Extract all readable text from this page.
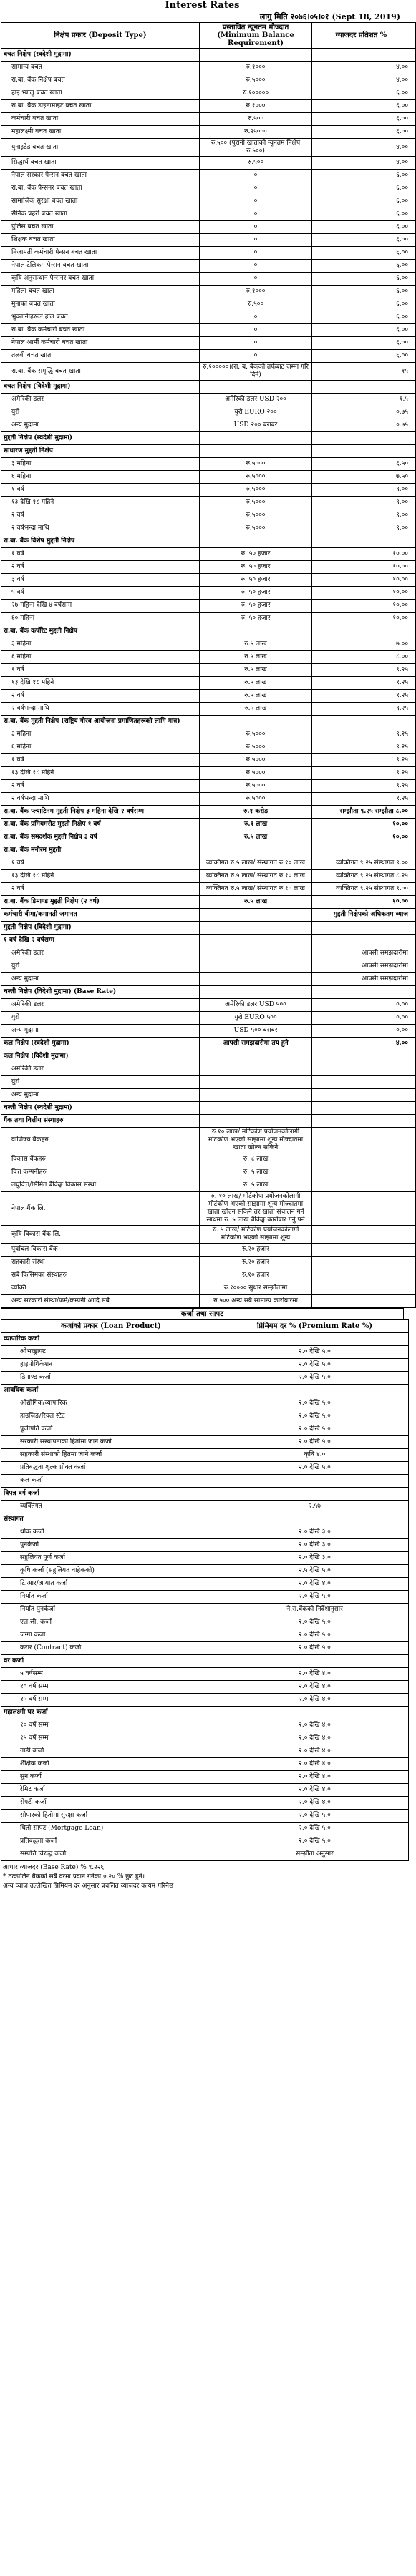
Interest Rates
लागु मिति २०७६।०५।०१ (Sept 18, 2019)
निक्षेप प्रकार (Deposit Type)	प्रस्तावित न्यूनतम मौज्दात (Minimum Balance Requirement)	व्याजदर प्रतिशत %
बचत निक्षेप (स्वदेशी मुद्रामा)		
सामान्य बचत	रु.१०००	४.००
रा.बा. बैंक निक्षेप बचत	रु.५०००	४.००
हाइ भ्यालु बचत खाता	रु.१०००००	६.००
रा.बा. बैंक डाइनामाइट बचत खाता	रु.१०००	६.००
कर्मचारी बचत खाता	रु.५००	६.००
महालक्ष्मी बचत खाता	रु.२५०००	६.००
युनाइटेड बचत खाता	रु.५०० (पुरानो खाताको न्यूनतम निक्षेप रु.५००)	४.००
सिद्धार्थ बचत खाता	रु.५००	४.००
नेपाल सरकार पेन्सन बचत खाता	०	६.००
रा.बा. बैंक पेन्सनर बचत खाता	०	६.००
सामाजिक सुरक्षा बचत खाता	०	६.००
सैनिक प्रहरी बचत खाता	०	६.००
पुलिस बचत खाता	०	६.००
शिक्षक बचत खाता	०	६.००
निजामती कर्मचारी पेन्सन बचत खाता	०	६.००
नेपाल टेलिकम पेन्सन बचत खाता	०	६.००
कृषि अनुसन्धान पेन्सनर बचत खाता	०	६.००
महिला बचत खाता	रु.१०००	६.००
मुनाफा बचत खाता	रु.५००	६.००
भुक्तानीहरूल हाल बचत	०	६.००
रा.बा. बैंक कर्मचारी बचत खाता	०	६.००
नेपाल आर्मी कर्मचारी बचत खाता	०	६.००
तलबी बचत खाता	०	६.००
रा.बा. बैंक समृद्धि बचत खाता	रु.१०००००।(रा. ब. बैंकको तर्फबाट जम्मा गरि दिने)	१५
बचत निक्षेप (विदेशी मुद्रामा)		
अमेरिकी डलर	अमेरिकी डलर USD २००	१.५
युरो	युरो EURO २००	०.७५
अन्य मुद्रामा	USD २०० बराबर	०.७५
मुद्दती निक्षेप (स्वदेशी मुद्रामा)		
साधारण मुद्दती निक्षेप		
३ महिना	रु.५०००	६.५०
६ महिना	रु.५०००	७.५०
१ वर्ष	रु.५०००	९.००
१३ देखि १८ महिने	रु.५०००	९.००
२ वर्ष	रु.५०००	९.००
२ वर्षभन्दा माथि	रु.५०००	९.००
रा.बा. बैंक विशेष मुद्दती निक्षेप		
१ वर्ष	रु. ५० हजार	१०.००
२ वर्ष	रु. ५० हजार	१०.००
३ वर्ष	रु. ५० हजार	१०.००
५ वर्ष	रु. ५० हजार	१०.००
२७ महिना देखि ४ वर्षसम्म	रु. ५० हजार	१०.००
६० महिना	रु. ५० हजार	१०.००
रा.बा. बैंक कर्पोरेट मुद्दती निक्षेप		
३ महिना	रु.५ लाख	७.००
६ महिना	रु.५ लाख	८.००
१ वर्ष	रु.५ लाख	९.२५
१३ देखि १८ महिने	रु.५ लाख	९.२५
२ वर्ष	रु.५ लाख	९.२५
२ वर्षभन्दा माथि	रु.५ लाख	९.२५
रा.बा. बैंक मुद्दती निक्षेप (राष्ट्रिय गौरव आयोजना प्रमाणितहरूको लागि मात्र)		
३ महिना	रु.५०००	९.२५
६ महिना	रु.५०००	९.२५
१ वर्ष	रु.५०००	९.२५
१३ देखि १८ महिने	रु.५०००	९.२५
२ वर्ष	रु.५०००	९.२५
२ वर्षभन्दा माथि	रु.५०००	९.२५
रा.बा. बैंक प्ल्याटिनम मुद्दती निक्षेप ३ महिना देखि २ वर्षसम्म	रु.१ करोड	सम्झौता ९.२५ सम्झौता ८.००
रा.बा. बैंक प्रमियमसेट मुद्दती निक्षेप १ वर्ष	रु.१ लाख	१०.००
रा.बा. बैंक समदर्शक मुद्दती निक्षेप ३ वर्ष	रु.५ लाख	१०.००
रा.बा. बैंक मनोरम मुद्दती		
१ वर्ष	व्यक्तिगत रु.५ लाख/ संस्थागत रु.१० लाख	व्यक्तिगत ९.२५ संस्थागत ९.००
१३ देखि १८ महिने	व्यक्तिगत रु.५ लाख/ संस्थागत रु.१० लाख	व्यक्तिगत ९.२५ संस्थागत ८.२५
२ वर्ष	व्यक्तिगत रु.५ लाख/ संस्थागत रु.१० लाख	व्यक्तिगत ९.२५ संस्थागत ९.००
रा.बा. बैंक डिमाण्ड मुद्दती निक्षेप (२ वर्ष)	रु.५ लाख	१०.००
कर्मचारी बीमा/कमानती जमानत		मुद्दती निक्षेपको अधिकतम व्याज
मुद्दती निक्षेप (विदेशी मुद्रामा)		
१ वर्ष देखि २ वर्षसम्म		
अमेरिकी डलर		आपसी समझदारीमा
युरो		आपसी समझदारीमा
अन्य मुद्रामा		आपसी समझदारीमा
चल्ती निक्षेप (विदेशी मुद्रामा) (Base Rate)		
अमेरिकी डलर	अमेरिकी डलर USD ५००	०.००
युरो	युरो EURO ५००	०.००
अन्य मुद्रामा	USD ५०० बराबर	०.००
कल निक्षेप (स्वदेशी मुद्रामा)	आपसी समझदारीमा तय हुने	४.००
कल निक्षेप (विदेशी मुद्रामा)		
अमेरिकी डलर		
युरो		
अन्य मुद्रामा		
चल्ती निक्षेप (स्वदेशी मुद्रामा)		
गैंक तथा वित्तीय संस्थाहरु		
वाणिज्य बैंकहरु	रु.१० लाख/ मोर्टकोण प्रयोजनकोलागी मोर्टकोण भएको साझामा शून्य मौज्दातमा खाता खोल्न सकिने	
विकास बैंकहरु	रु. ८ लाख	
वित्त कम्पनीहरु	रु. ५ लाख	
लघुवित्त/सिमित बैंकिङ्ग विकास संस्था	रु. ५ लाख	
नेपाल गैंक लि.	रु. १० लाख/ मोर्टकोण प्रयोजनकोलागी मोर्टकोण भएको साझामा शून्य मौज्दातमा खाता खोल्न सकिने तर खाता संचालन गर्न साथमा रु. ५ लाख बैंकिङ्ग कारोबार गर्नु पर्ने	
कृषि विकास बैंक लि.	रु. ५ लाख/ मोर्टकोण प्रयोजनकोलागी मोर्टकोण भएको साझामा शून्य	
पूर्वांचल विकास बैंक	रु.२० हजार	
सहकारी संस्था	रु.२० हजार	
सबै किसिमका संस्थाहरु	रु.१० हजार	
व्यक्ति	रु.१०००० सुधार सम्झौतामा	
अन्य सरकारी संस्था/फर्म/कम्पनी आदि सबै	रु.५०० अन्य सबै सामान्य कारोबारमा	
कर्जा तथा सापट
कर्जाको प्रकार (Loan Product)	प्रिमियम दर % (Premium Rate %)
व्यापारिक कर्जा	
ओभरड्राफ्ट	२.० देखि ५.०
हाइपोथिकेशन	२.० देखि ५.०
डिमाण्ड कर्जा	२.० देखि ५.०
आवधिक कर्जा	
औद्योगिक/व्यापारिक	२.० देखि ५.०
हाउजिङ/रियल स्टेट	२.० देखि ५.०
पूर्जीपति कर्जा	२.० देखि ५.०
सरकारी सस्थापनाको हितोमा जाने कर्जा	२.० देखि ५.०
सहकारी संस्थाको हितमा जाने कर्जा	कृषि ४.०
प्रतिबद्धता शुल्क प्रोक्त कर्जा	२.० देखि ५.०
कल कर्जा	—
विपन्न वर्ग कर्जा	
व्यक्तिगत	२.५७
संस्थागत	
थोक कर्जा	२.० देखि ३.०
पुनर्कर्जा	२.० देखि ३.०
सहुलियत पूर्ण कर्जा	२.० देखि ३.०
कृषि कर्जा (सहुलियत वाहेकको)	२.५ देखि ५.०
टि.आर/आयात कर्जा	२.० देखि ४.०
निर्यात कर्जा	२.० देखि ५.०
निर्यात पुनर्कर्जा	ने.रा.बैंकको निर्देशानुसार
एल.सी. कर्जा	२.० देखि ५.०
जग्गा कर्जा	२.० देखि ५.०
करार (Contract) कर्जा	२.० देखि ५.०
घर कर्जा	
५ वर्षसम्म	२.० देखि ४.०
१० वर्ष सम्म	२.० देखि ४.०
१५ वर्ष सम्म	२.० देखि ४.०
महालक्ष्मी घर कर्जा	
१० वर्ष सम्म	२.० देखि ४.०
१५ वर्ष सम्म	२.० देखि ४.०
गाडी कर्जा	२.० देखि ४.०
शैक्षिक कर्जा	२.० देखि ४.०
सुन कर्जा	२.० देखि ४.०
रेमिट कर्जा	२.० देखि ४.०
सेफ्टी कर्जा	२.० देखि ४.०
सोपारको हितोमा सुरक्षा कर्जा	२.० देखि ५.०
धितो सापट (Mortgage Loan)	२.० देखि ५.०
प्रतिबद्धता कर्जा	२.० देखि ५.०
सम्पत्ति विरुद्ध कर्जा	सम्झौता अनुसार
आधार व्याजदर (Base Rate) % ९.२२६
* तत्कालिन बैंकको सबै दरमा प्रदान गर्नका ०.२० % छुट हुने।
अन्य व्याज उल्लेखित प्रिमियम दर अनुसार प्रचलित व्याजदर कायम गरिनेछ।
